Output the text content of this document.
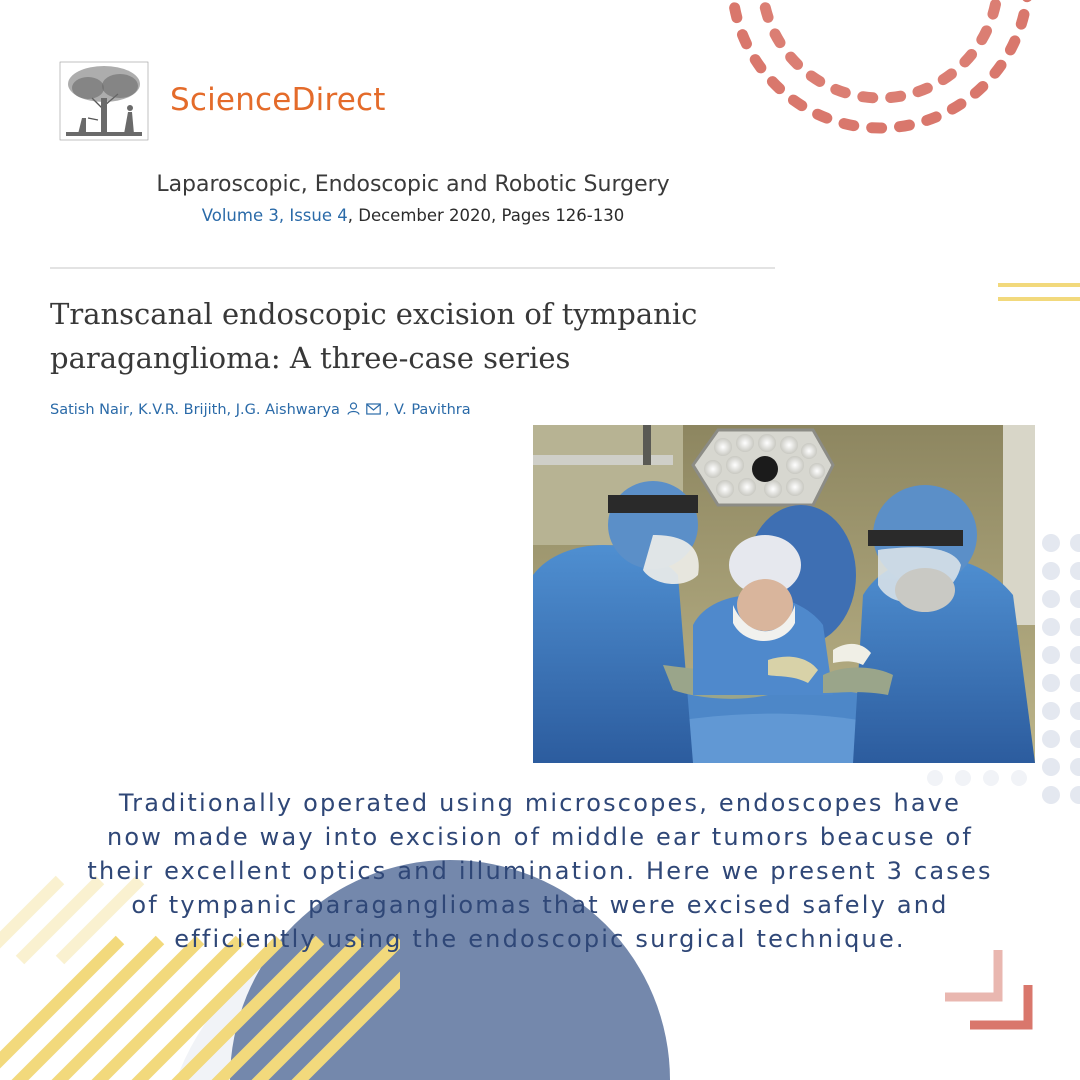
ScienceDirect
Laparoscopic, Endoscopic and Robotic Surgery
Volume 3, Issue 4, December 2020, Pages 126-130
Transcanal endoscopic excision of tympanic
paraganglioma: A three-case series
Satish Nair, K.V.R. Brijith, J.G. Aishwarya	, V. Pavithra
Traditionally operated using microscopes, endoscopes have
now made way into excision of middle ear tumors beacuse of
their excellent optics and illumination. Here we present 3 cases
of tympanic paragangliomas that were excised safely and
efficiently using the endoscopic surgical technique.
